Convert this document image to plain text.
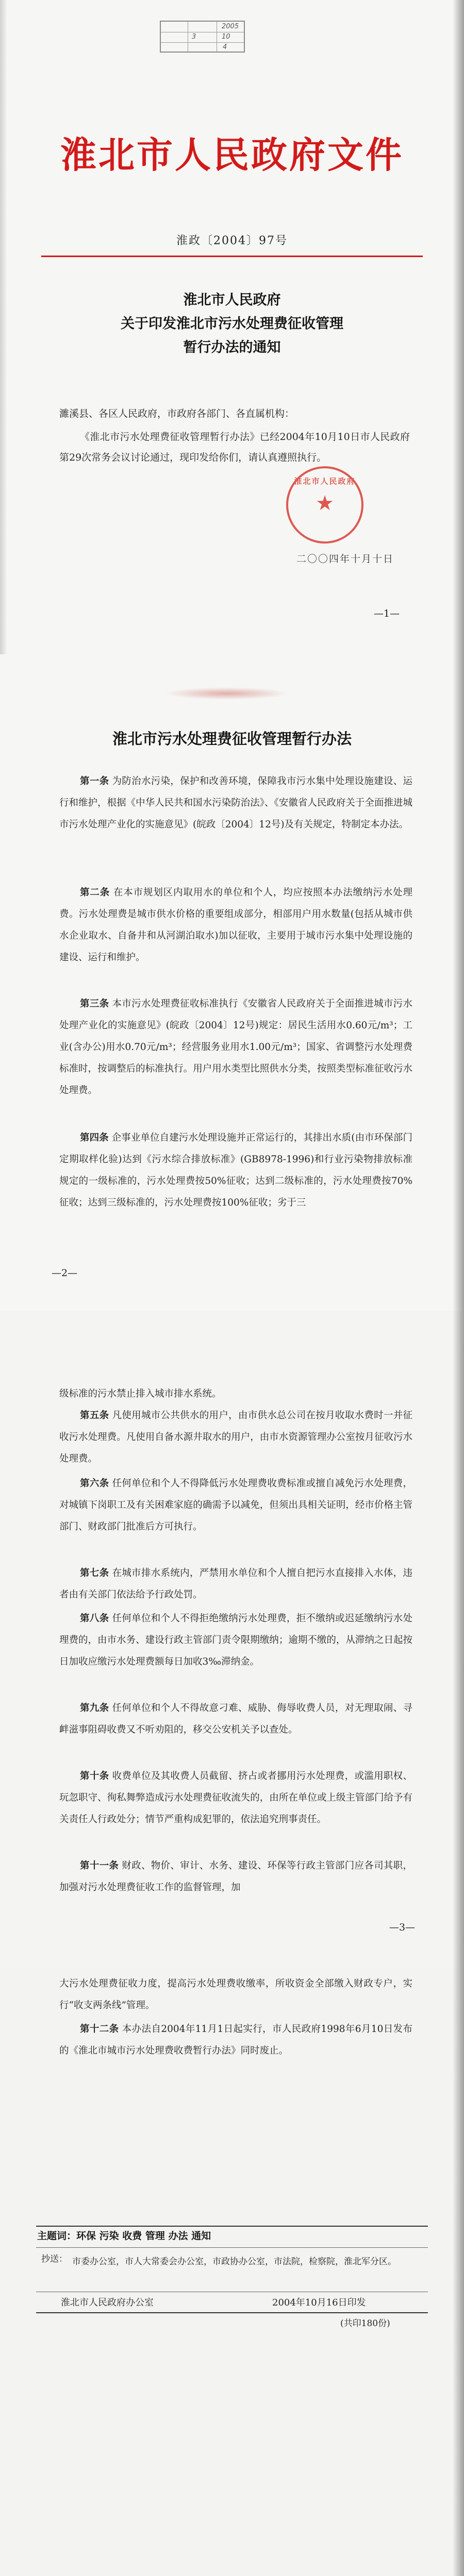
2005
3	10
4
淮北市人民政府文件
淮政〔2004〕97号
淮北市人民政府
关于印发淮北市污水处理费征收管理
暂行办法的通知
濉溪县、各区人民政府，市政府各部门、各直属机构：
《淮北市污水处理费征收管理暂行办法》已经2004年10月10日市人民政府第29次常务会议讨论通过，现印发给你们，请认真遵照执行。
淮北市人民政府
★
二〇〇四年十月十日
—1—
淮北市污水处理费征收管理暂行办法
第一条 为防治水污染，保护和改善环境，保障我市污水集中处理设施建设、运行和维护，根据《中华人民共和国水污染防治法》、《安徽省人民政府关于全面推进城市污水处理产业化的实施意见》(皖政〔2004〕12号)及有关规定，特制定本办法。
第二条 在本市规划区内取用水的单位和个人，均应按照本办法缴纳污水处理费。污水处理费是城市供水价格的重要组成部分，相部用户用水数量(包括从城市供水企业取水、自备井和从河湖泊取水)加以征收，主要用于城市污水集中处理设施的建设、运行和维护。
第三条 本市污水处理费征收标准执行《安徽省人民政府关于全面推进城市污水处理产业化的实施意见》(皖政〔2004〕12号)规定：居民生活用水0.60元/m³；工业(含办公)用水0.70元/m³；经营服务业用水1.00元/m³；国家、省调整污水处理费标准时，按调整后的标准执行。用户用水类型比照供水分类，按照类型标准征收污水处理费。
第四条 企事业单位自建污水处理设施并正常运行的，其排出水质(由市环保部门定期取样化验)达到《污水综合排放标准》(GB8978-1996)和行业污染物排放标准规定的一级标准的，污水处理费按50%征收；达到二级标准的，污水处理费按70%征收；达到三级标准的，污水处理费按100%征收；劣于三
—2—
级标准的污水禁止排入城市排水系统。
第五条 凡使用城市公共供水的用户，由市供水总公司在按月收取水费时一并征收污水处理费。凡使用自备水源井取水的用户，由市水资源管理办公室按月征收污水处理费。
第六条 任何单位和个人不得降低污水处理费收费标准或擅自减免污水处理费，对城镇下岗职工及有关困难家庭的确需予以减免，但须出具相关证明，经市价格主管部门、财政部门批准后方可执行。
第七条 在城市排水系统内，严禁用水单位和个人擅自把污水直接排入水体，违者由有关部门依法给予行政处罚。
第八条 任何单位和个人不得拒绝缴纳污水处理费，拒不缴纳或迟延缴纳污水处理费的，由市水务、建设行政主管部门责令限期缴纳；逾期不缴的，从滞纳之日起按日加收应缴污水处理费额每日加收3‰滞纳金。
第九条 任何单位和个人不得故意刁难、威胁、侮辱收费人员，对无理取闹、寻衅滋事阻碍收费又不听劝阻的，移交公安机关予以查处。
第十条 收费单位及其收费人员截留、挤占或者挪用污水处理费，或滥用职权、玩忽职守、徇私舞弊造成污水处理费征收流失的，由所在单位或上级主管部门给予有关责任人行政处分；情节严重构成犯罪的，依法追究刑事责任。
第十一条 财政、物价、审计、水务、建设、环保等行政主管部门应各司其职，加强对污水处理费征收工作的监督管理，加
—3—
大污水处理费征收力度，提高污水处理费收缴率，所收资金全部缴入财政专户，实行“收支两条线”管理。
第十二条 本办法自2004年11月1日起实行，市人民政府1998年6月10日发布的《淮北市城市污水处理费收费暂行办法》同时废止。
主题词：环保 污染 收费 管理 办法 通知
抄送： 市委办公室，市人大常委会办公室，市政协办公室，市法院，检察院，淮北军分区。
淮北市人民政府办公室	2004年10月16日印发
(共印180份)
